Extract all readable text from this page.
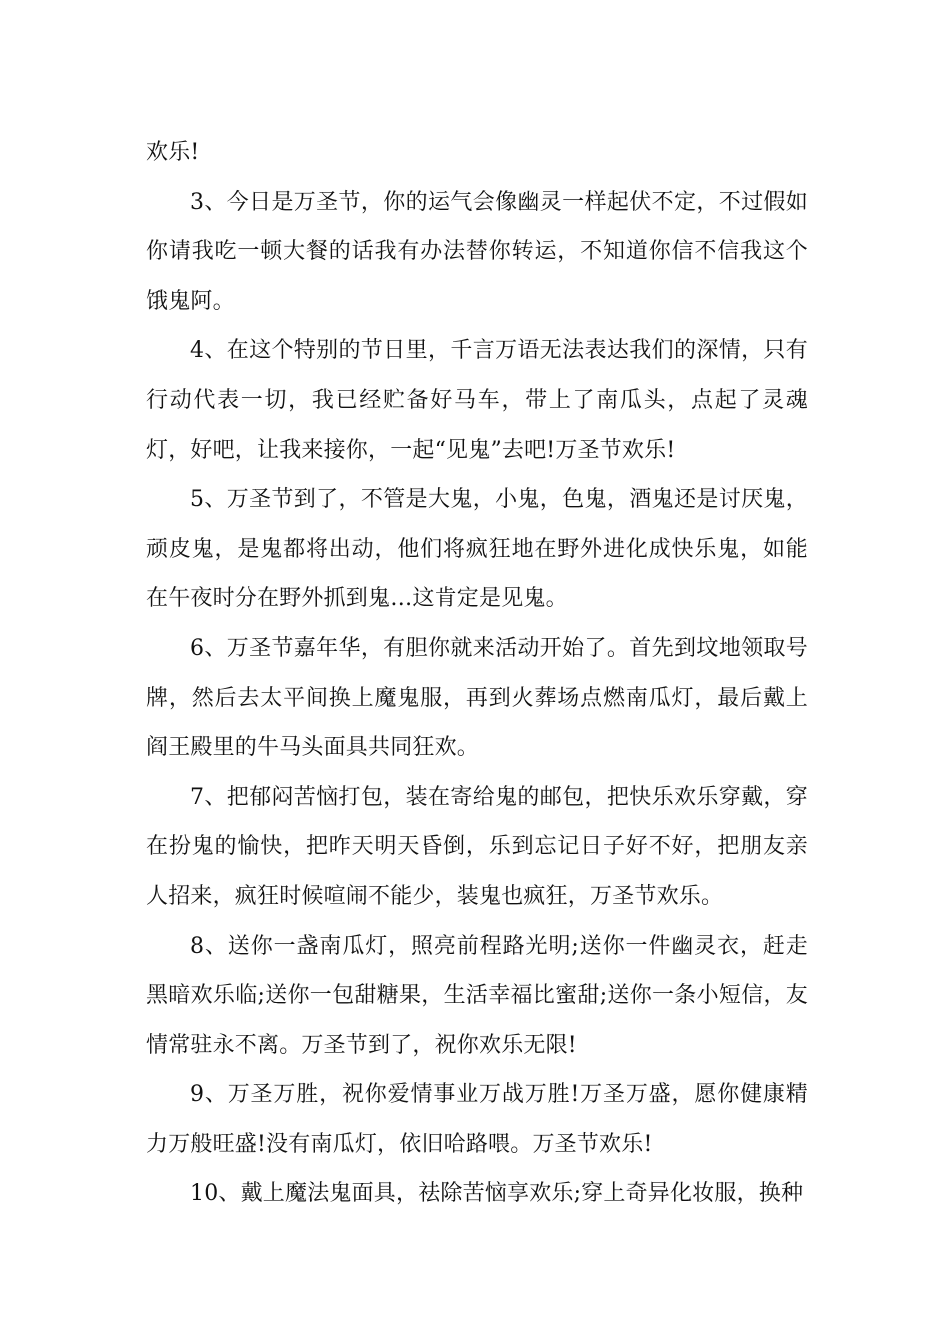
欢乐!

3、今日是万圣节，你的运气会像幽灵一样起伏不定，不过假如你请我吃一顿大餐的话我有办法替你转运，不知道你信不信我这个饿鬼阿。

4、在这个特别的节日里，千言万语无法表达我们的深情，只有行动代表一切，我已经贮备好马车，带上了南瓜头，点起了灵魂灯，好吧，让我来接你，一起“见鬼”去吧!万圣节欢乐!

5、万圣节到了，不管是大鬼，小鬼，色鬼，酒鬼还是讨厌鬼，顽皮鬼，是鬼都将出动，他们将疯狂地在野外进化成快乐鬼，如能在午夜时分在野外抓到鬼…这肯定是见鬼。

6、万圣节嘉年华，有胆你就来活动开始了。首先到坟地领取号牌，然后去太平间换上魔鬼服，再到火葬场点燃南瓜灯，最后戴上阎王殿里的牛马头面具共同狂欢。

7、把郁闷苦恼打包，装在寄给鬼的邮包，把快乐欢乐穿戴，穿在扮鬼的愉快，把昨天明天昏倒，乐到忘记日子好不好，把朋友亲人招来，疯狂时候喧闹不能少，装鬼也疯狂，万圣节欢乐。

8、送你一盏南瓜灯，照亮前程路光明;送你一件幽灵衣，赶走黑暗欢乐临;送你一包甜糖果，生活幸福比蜜甜;送你一条小短信，友情常驻永不离。万圣节到了，祝你欢乐无限!

9、万圣万胜，祝你爱情事业万战万胜!万圣万盛，愿你健康精力万般旺盛!没有南瓜灯，依旧哈路喂。万圣节欢乐!

10、戴上魔法鬼面具，祛除苦恼享欢乐;穿上奇异化妆服，换种
